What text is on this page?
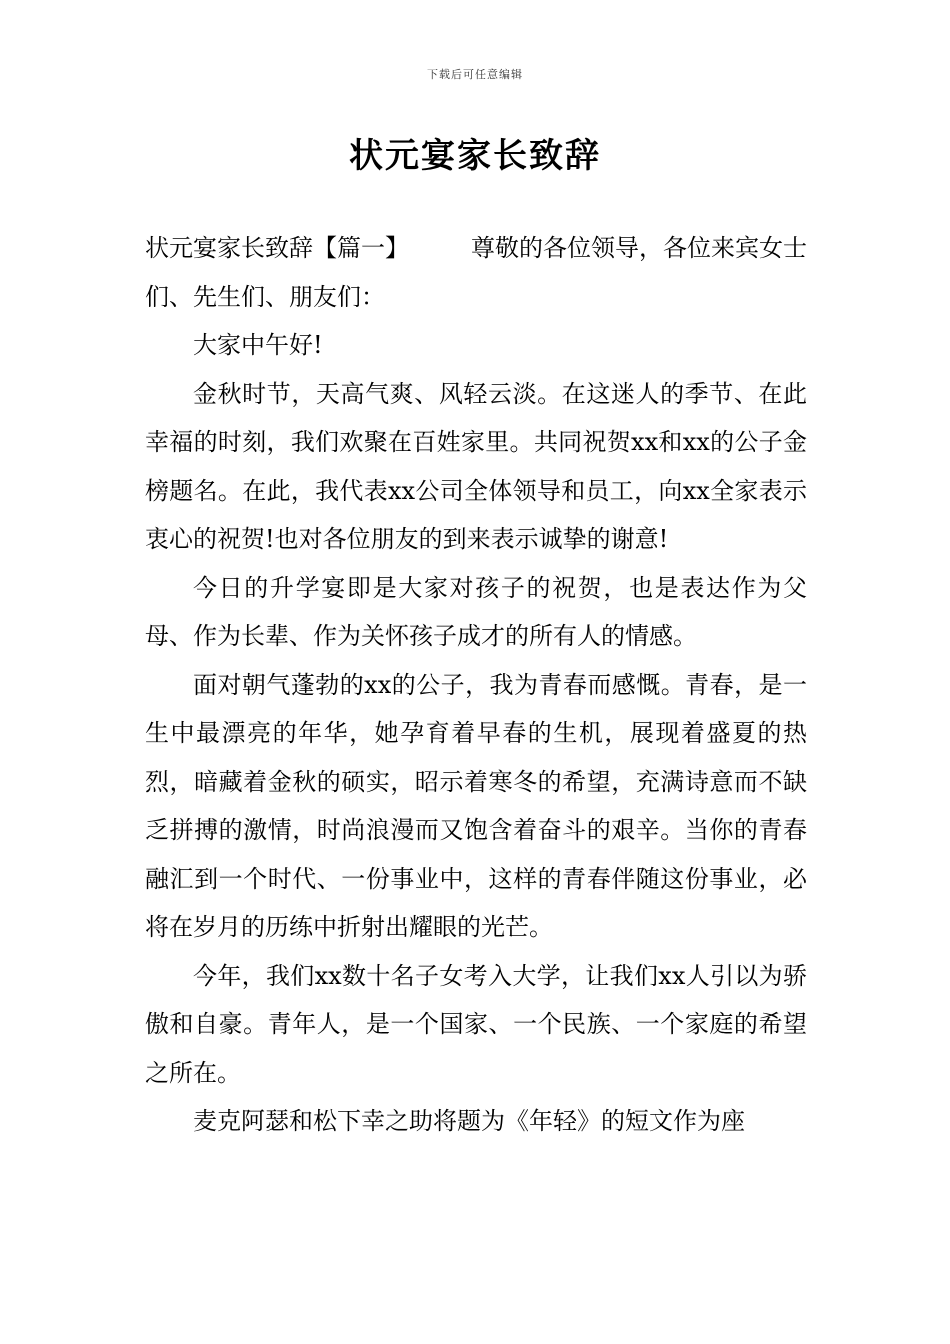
下载后可任意编辑
状元宴家长致辞

状元宴家长致辞【篇一】	尊敬的各位领导，各位来宾女士们、先生们、朋友们：

大家中午好!

金秋时节，天高气爽、风轻云淡。在这迷人的季节、在此幸福的时刻，我们欢聚在百姓家里。共同祝贺xx和xx的公子金榜题名。在此，我代表xx公司全体领导和员工，向xx全家表示衷心的祝贺!也对各位朋友的到来表示诚挚的谢意!

今日的升学宴即是大家对孩子的祝贺，也是表达作为父母、作为长辈、作为关怀孩子成才的所有人的情感。

面对朝气蓬勃的xx的公子，我为青春而感慨。青春，是一生中最漂亮的年华，她孕育着早春的生机，展现着盛夏的热烈，暗藏着金秋的硕实，昭示着寒冬的希望，充满诗意而不缺乏拼搏的激情，时尚浪漫而又饱含着奋斗的艰辛。当你的青春融汇到一个时代、一份事业中，这样的青春伴随这份事业，必将在岁月的历练中折射出耀眼的光芒。

今年，我们xx数十名子女考入大学，让我们xx人引以为骄傲和自豪。青年人，是一个国家、一个民族、一个家庭的希望之所在。

麦克阿瑟和松下幸之助将题为《年轻》的短文作为座
